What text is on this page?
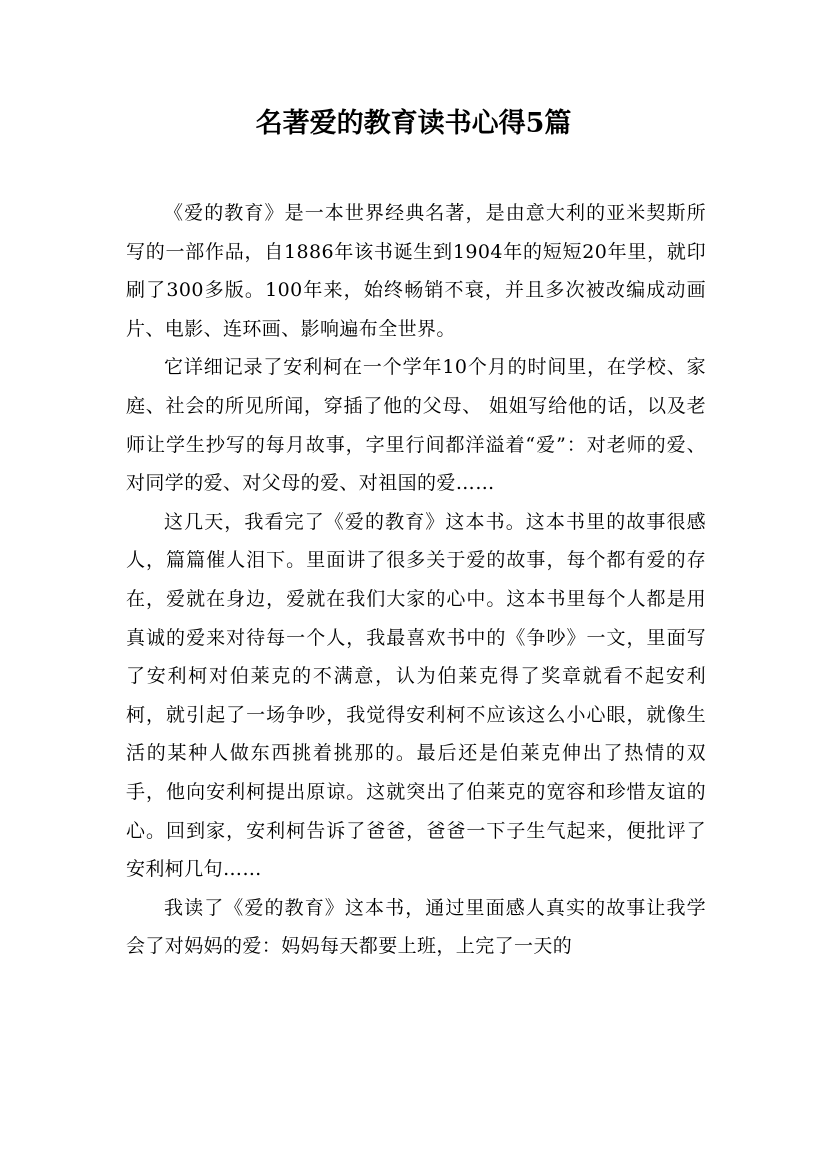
名著爱的教育读书心得5篇

《爱的教育》是一本世界经典名著，是由意大利的亚米契斯所写的一部作品，自1886年该书诞生到1904年的短短20年里，就印刷了300多版。100年来，始终畅销不衰，并且多次被改编成动画片、电影、连环画、影响遍布全世界。

它详细记录了安利柯在一个学年10个月的时间里，在学校、家庭、社会的所见所闻，穿插了他的父母、 姐姐写给他的话，以及老师让学生抄写的每月故事，字里行间都洋溢着“爱”：对老师的爱、对同学的爱、对父母的爱、对祖国的爱……

这几天，我看完了《爱的教育》这本书。这本书里的故事很感人，篇篇催人泪下。里面讲了很多关于爱的故事，每个都有爱的存在，爱就在身边，爱就在我们大家的心中。这本书里每个人都是用真诚的爱来对待每一个人，我最喜欢书中的《争吵》一文，里面写了安利柯对伯莱克的不满意，认为伯莱克得了奖章就看不起安利柯，就引起了一场争吵，我觉得安利柯不应该这么小心眼，就像生活的某种人做东西挑着挑那的。最后还是伯莱克伸出了热情的双手，他向安利柯提出原谅。这就突出了伯莱克的宽容和珍惜友谊的心。回到家，安利柯告诉了爸爸，爸爸一下子生气起来，便批评了安利柯几句……

我读了《爱的教育》这本书，通过里面感人真实的故事让我学会了对妈妈的爱：妈妈每天都要上班，上完了一天的
